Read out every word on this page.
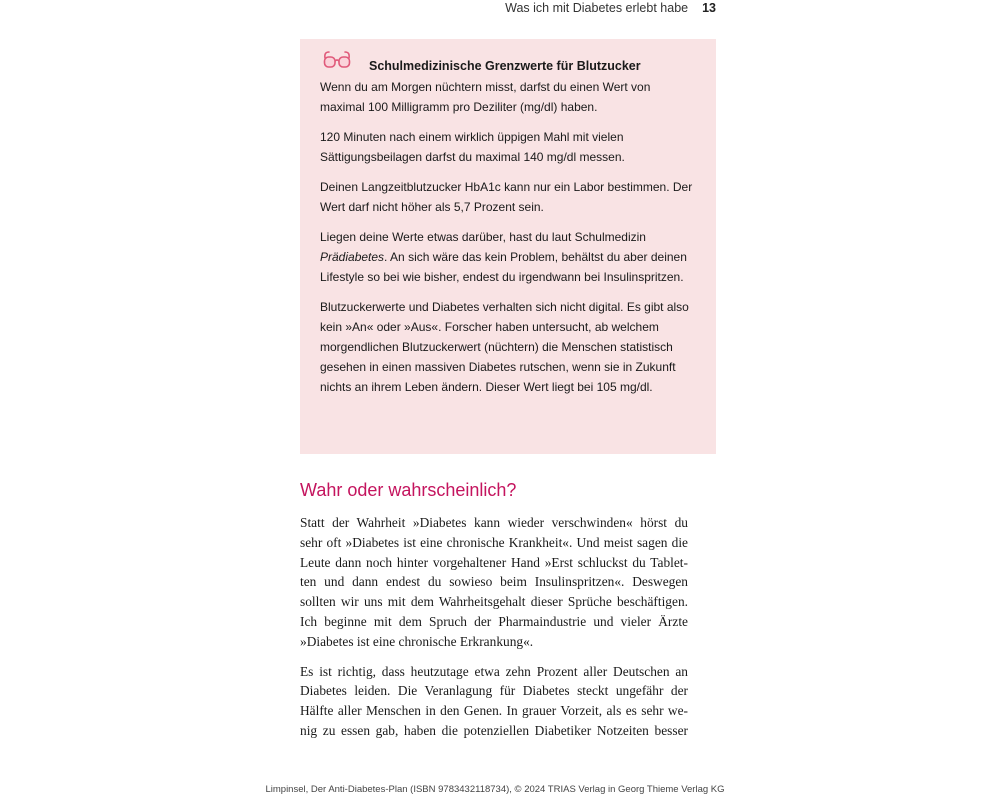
Was ich mit Diabetes erlebt habe 13
Schulmedizinische Grenzwerte für Blutzucker

Wenn du am Morgen nüchtern misst, darfst du einen Wert von maximal 100 Milligramm pro Deziliter (mg/dl) haben.

120 Minuten nach einem wirklich üppigen Mahl mit vielen Sättigungsbeilagen darfst du maximal 140 mg/dl messen.

Deinen Langzeitblutzucker HbA1c kann nur ein Labor bestimmen. Der Wert darf nicht höher als 5,7 Prozent sein.

Liegen deine Werte etwas darüber, hast du laut Schulmedizin Prädiabetes. An sich wäre das kein Problem, behältst du aber deinen Lifestyle so bei wie bisher, endest du irgendwann bei Insulinspritzen.

Blutzuckerwerte und Diabetes verhalten sich nicht digital. Es gibt also kein »An« oder »Aus«. Forscher haben untersucht, ab welchem morgendlichen Blutzuckerwert (nüchtern) die Menschen statistisch gesehen in einen massiven Diabetes rutschen, wenn sie in Zukunft nichts an ihrem Leben ändern. Dieser Wert liegt bei 105 mg/dl.

Wahr oder wahrscheinlich?

Statt der Wahrheit »Diabetes kann wieder verschwinden« hörst du
sehr oft »Diabetes ist eine chronische Krankheit«. Und meist sagen die
Leute dann noch hinter vorgehaltener Hand »Erst schluckst du Tablet-
ten und dann endest du sowieso beim Insulinspritzen«. Deswegen
sollten wir uns mit dem Wahrheitsgehalt dieser Sprüche beschäftigen.
Ich beginne mit dem Spruch der Pharmaindustrie und vieler Ärzte
»Diabetes ist eine chronische Erkrankung«.

Es ist richtig, dass heutzutage etwa zehn Prozent aller Deutschen an
Diabetes leiden. Die Veranlagung für Diabetes steckt ungefähr der
Hälfte aller Menschen in den Genen. In grauer Vorzeit, als es sehr we-
nig zu essen gab, haben die potenziellen Diabetiker Notzeiten besser

Limpinsel, Der Anti-Diabetes-Plan (ISBN 9783432118734), © 2024 TRIAS Verlag in Georg Thieme Verlag KG
